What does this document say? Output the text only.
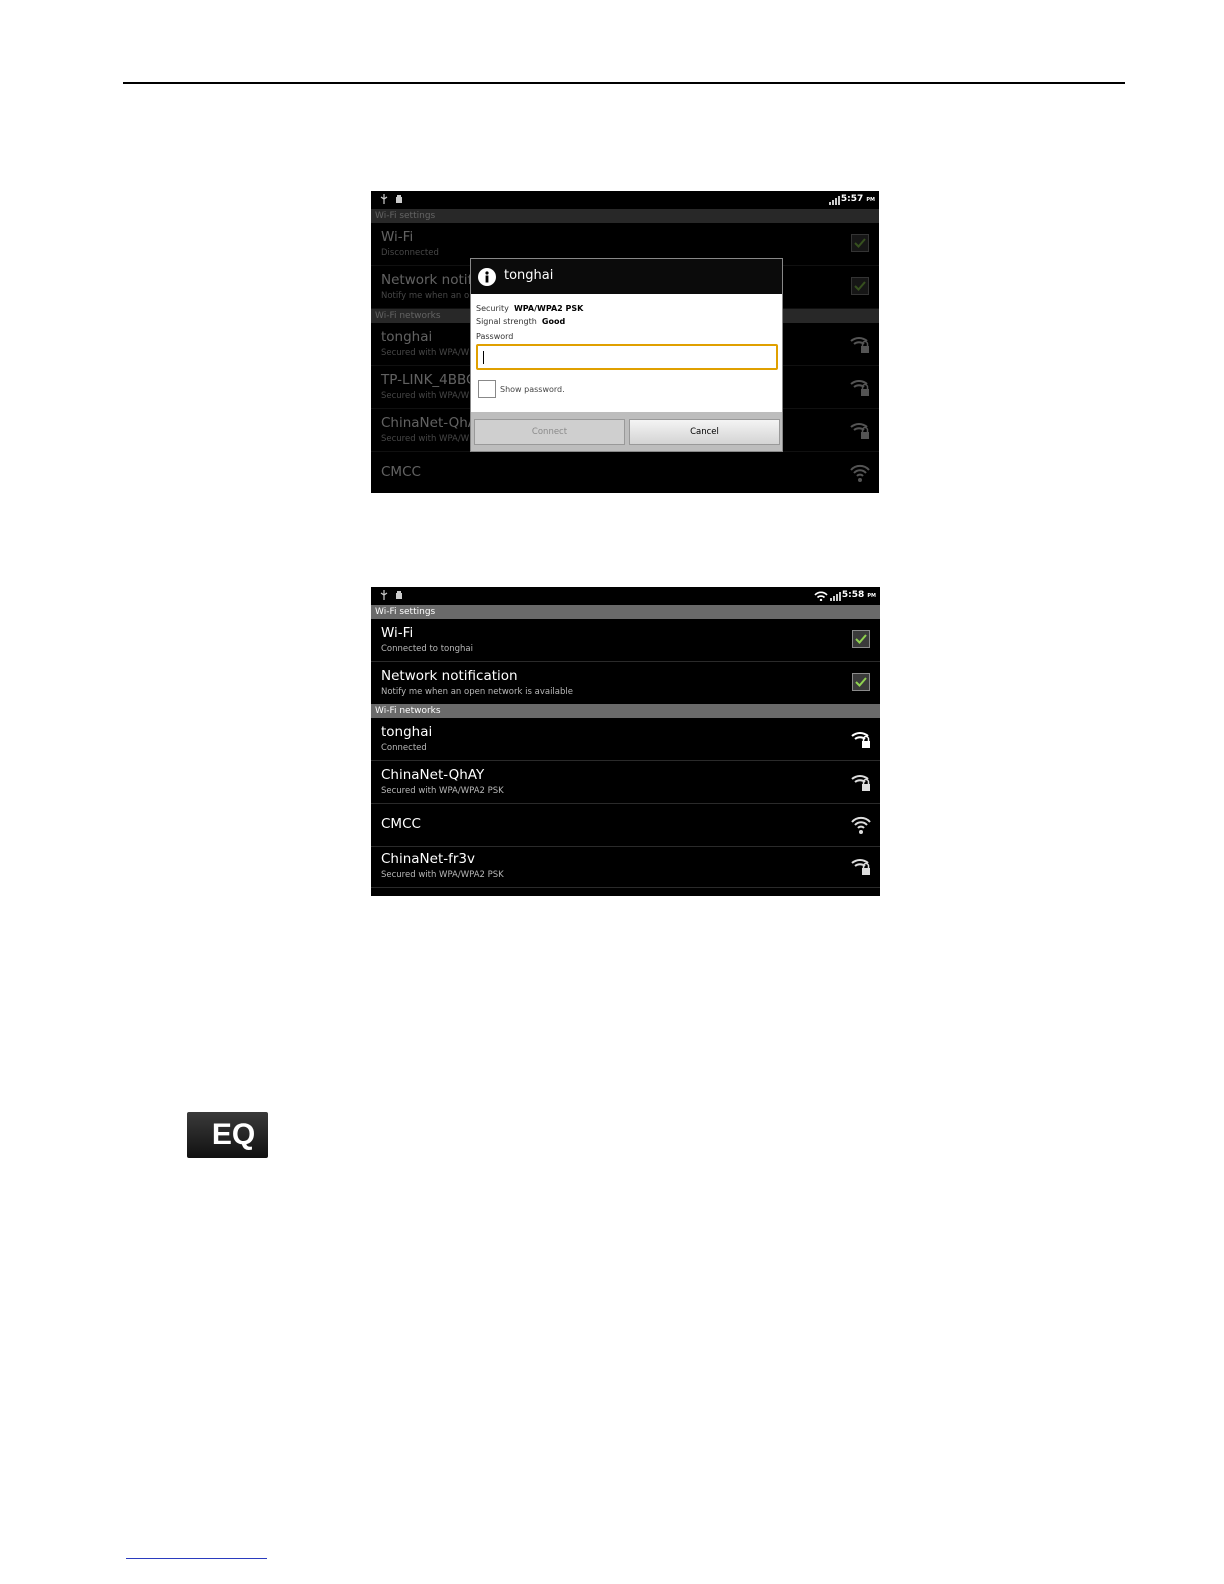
5:57 PM
tonghai
Security WPA/WPA2 PSK
Signal strength Good
Password
Show password.
Connect	Cancel
5:58 PM
Wi-Fi settings
Wi-Fi
Connected to tonghai
Network notification
Notify me when an open network is available
Wi-Fi networks
tonghai
Connected
ChinaNet-QhAY
Secured with WPA/WPA2 PSK
CMCC
ChinaNet-fr3v
Secured with WPA/WPA2 PSK
EQ
